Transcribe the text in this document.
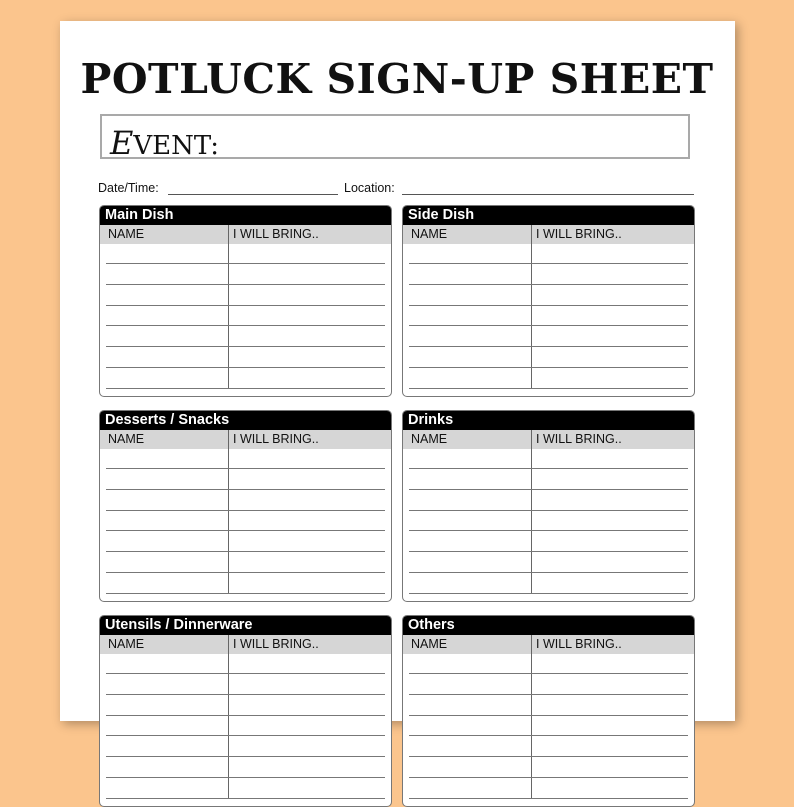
POTLUCK SIGN-UP SHEET
EVENT:
Date/Time:	Location:
Main Dish
NAME	I WILL BRING..
Side Dish
NAME	I WILL BRING..
Desserts / Snacks
NAME	I WILL BRING..
Drinks
NAME	I WILL BRING..
Utensils / Dinnerware
NAME	I WILL BRING..
Others
NAME	I WILL BRING..
